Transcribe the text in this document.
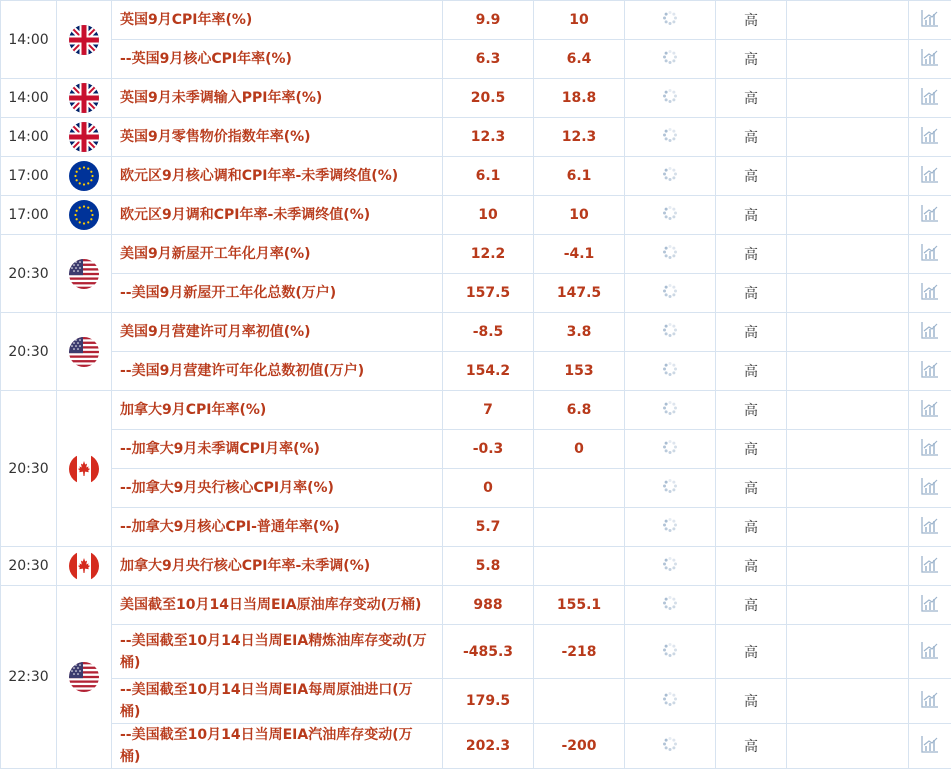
14:00		英国9月CPI年率(%)	9.9	10		高		
		--英国9月核心CPI年率(%)	6.3	6.4		高		
14:00		英国9月未季调输入PPI年率(%)	20.5	18.8		高		
14:00		英国9月零售物价指数年率(%)	12.3	12.3		高		
17:00		欧元区9月核心调和CPI年率-未季调终值(%)	6.1	6.1		高		
17:00		欧元区9月调和CPI年率-未季调终值(%)	10	10		高		
20:30		美国9月新屋开工年化月率(%)	12.2	-4.1		高		
		--美国9月新屋开工年化总数(万户)	157.5	147.5		高		
20:30		美国9月营建许可月率初值(%)	-8.5	3.8		高		
		--美国9月营建许可年化总数初值(万户)	154.2	153		高		
20:30		加拿大9月CPI年率(%)	7	6.8		高		
		--加拿大9月未季调CPI月率(%)	-0.3	0		高		
		--加拿大9月央行核心CPI月率(%)	0			高		
		--加拿大9月核心CPI-普通年率(%)	5.7			高		
20:30		加拿大9月央行核心CPI年率-未季调(%)	5.8			高		
22:30		美国截至10月14日当周EIA原油库存变动(万桶)	988	155.1		高		
		--美国截至10月14日当周EIA精炼油库存变动(万桶)	-485.3	-218		高		
		--美国截至10月14日当周EIA每周原油进口(万桶)	179.5			高		
		--美国截至10月14日当周EIA汽油库存变动(万桶)	202.3	-200		高		
